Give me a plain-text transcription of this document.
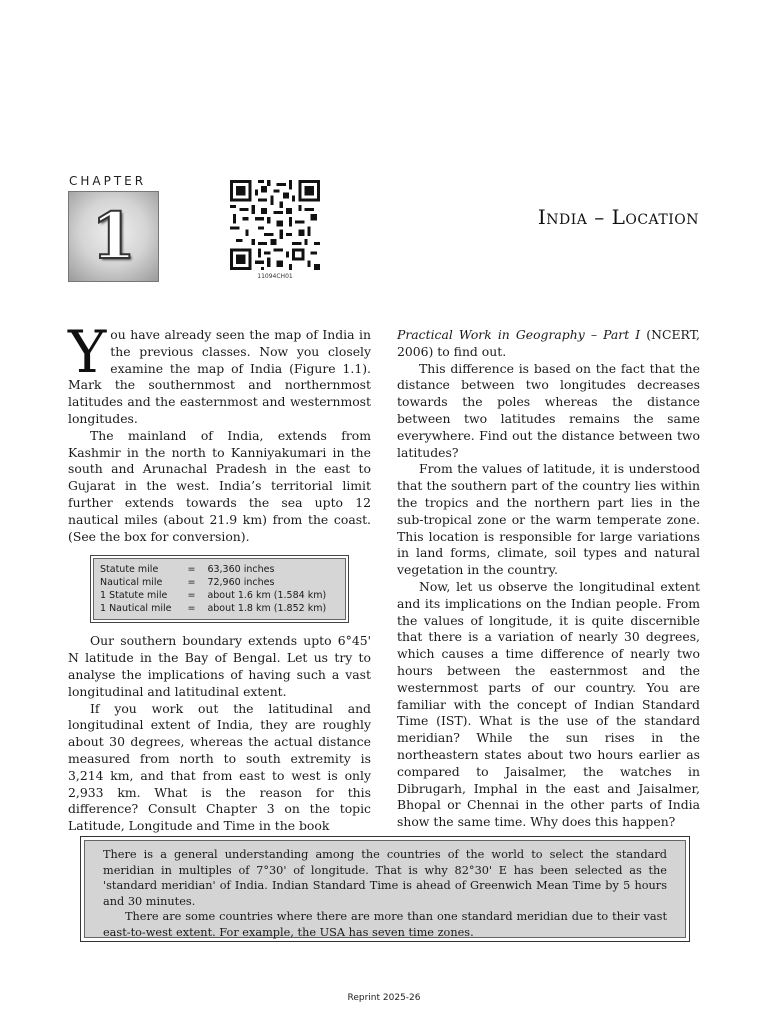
CHAPTER
1
11094CH01
India – Location

You have already seen the map of India in the previous classes. Now you closely examine the map of India (Figure 1.1). Mark the southernmost and northernmost latitudes and the easternmost and westernmost longitudes.

The mainland of India, extends from Kashmir in the north to Kanniyakumari in the south and Arunachal Pradesh in the east to Gujarat in the west. India’s territorial limit further extends towards the sea upto 12 nautical miles (about 21.9 km) from the coast. (See the box for conversion).

Statute mile	=	63,360 inches
Nautical mile	=	72,960 inches
1 Statute mile	=	about 1.6 km (1.584 km)
1 Nautical mile	=	about 1.8 km (1.852 km)

Our southern boundary extends upto 6°45' N latitude in the Bay of Bengal. Let us try to analyse the implications of having such a vast longitudinal and latitudinal extent.

If you work out the latitudinal and longitudinal extent of India, they are roughly about 30 degrees, whereas the actual distance measured from north to south extremity is 3,214 km, and that from east to west is only 2,933 km. What is the reason for this difference? Consult Chapter 3 on the topic Latitude, Longitude and Time in the book

Practical Work in Geography – Part I (NCERT, 2006) to find out.

This difference is based on the fact that the distance between two longitudes decreases towards the poles whereas the distance between two latitudes remains the same everywhere. Find out the distance between two latitudes?

From the values of latitude, it is understood that the southern part of the country lies within the tropics and the northern part lies in the sub-tropical zone or the warm temperate zone. This location is responsible for large variations in land forms, climate, soil types and natural vegetation in the country.

Now, let us observe the longitudinal extent and its implications on the Indian people. From the values of longitude, it is quite discernible that there is a variation of nearly 30 degrees, which causes a time difference of nearly two hours between the easternmost and the westernmost parts of our country. You are familiar with the concept of Indian Standard Time (IST). What is the use of the standard meridian? While the sun rises in the northeastern states about two hours earlier as compared to Jaisalmer, the watches in Dibrugarh, Imphal in the east and Jaisalmer, Bhopal or Chennai in the other parts of India show the same time. Why does this happen?

There is a general understanding among the countries of the world to select the standard meridian in multiples of 7°30' of longitude. That is why 82°30' E has been selected as the 'standard meridian' of India. Indian Standard Time is ahead of Greenwich Mean Time by 5 hours and 30 minutes.

There are some countries where there are more than one standard meridian due to their vast east-to-west extent. For example, the USA has seven time zones.

Reprint 2025-26
